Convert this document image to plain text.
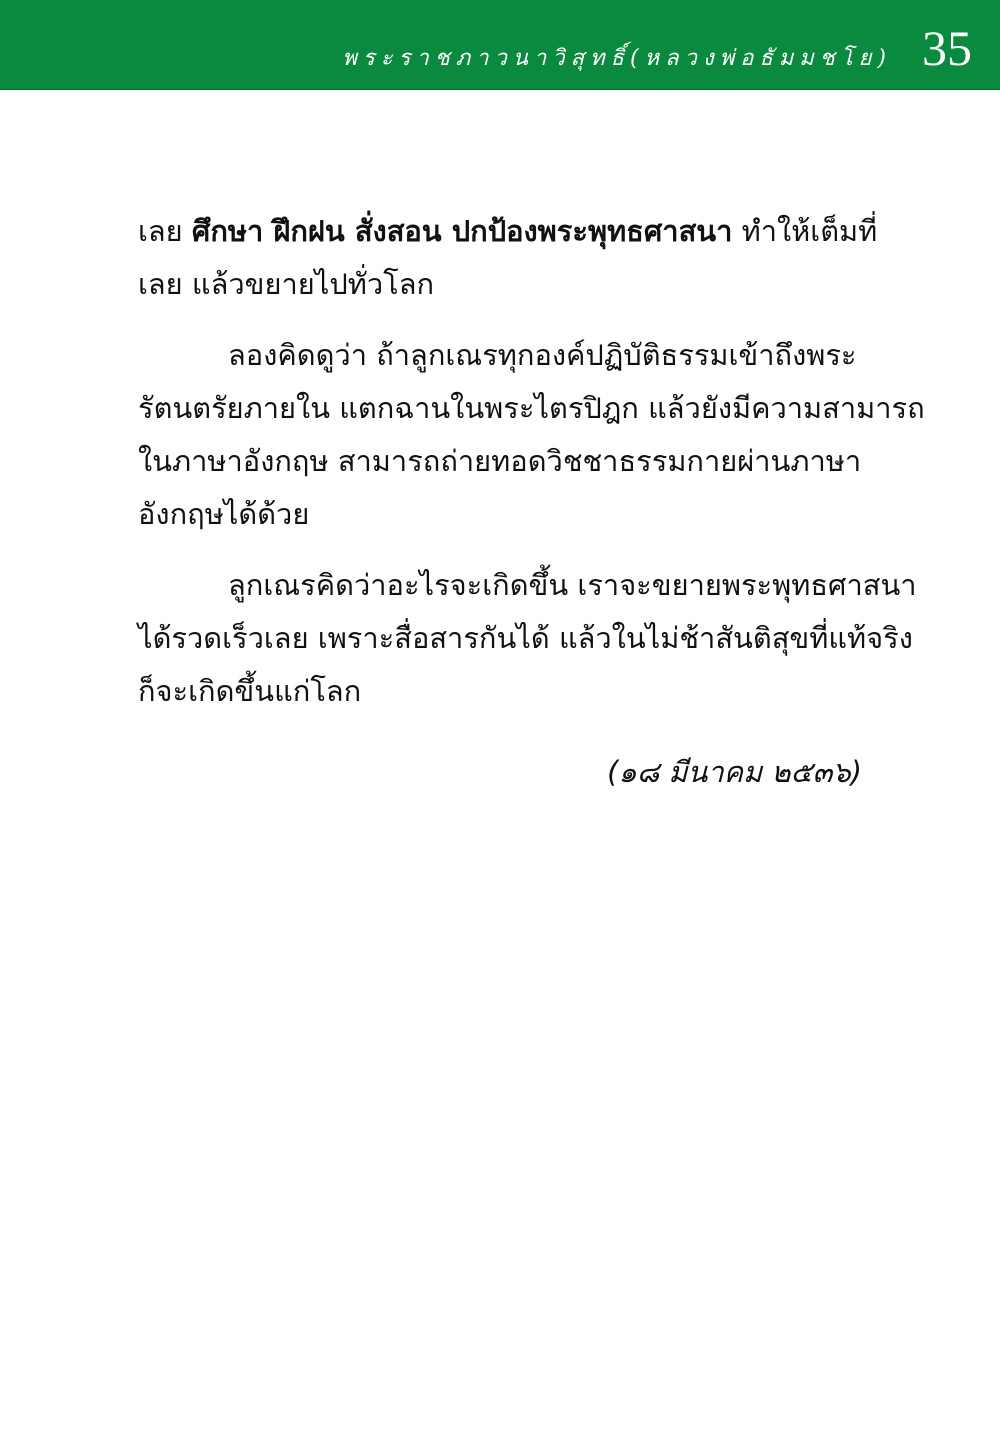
พระราชภาวนาวิสุทธิ์(หลวงพ่อธัมมชโย) 35
เลย ศึกษา ฝึกฝน สั่งสอน ปกป้องพระพุทธศาสนา ทำให้เต็มที่
เลย แล้วขยายไปทั่วโลก
ลองคิดดูว่า ถ้าลูกเณรทุกองค์ปฏิบัติธรรมเข้าถึงพระ
รัตนตรัยภายใน แตกฉานในพระไตรปิฎก แล้วยังมีความสามารถ
ในภาษาอังกฤษ สามารถถ่ายทอดวิชชาธรรมกายผ่านภาษา
อังกฤษได้ด้วย
ลูกเณรคิดว่าอะไรจะเกิดขึ้น เราจะขยายพระพุทธศาสนา
ได้รวดเร็วเลย เพราะสื่อสารกันได้ แล้วในไม่ช้าสันติสุขที่แท้จริง
ก็จะเกิดขึ้นแก่โลก
(๑๘ มีนาคม ๒๕๓๖)
